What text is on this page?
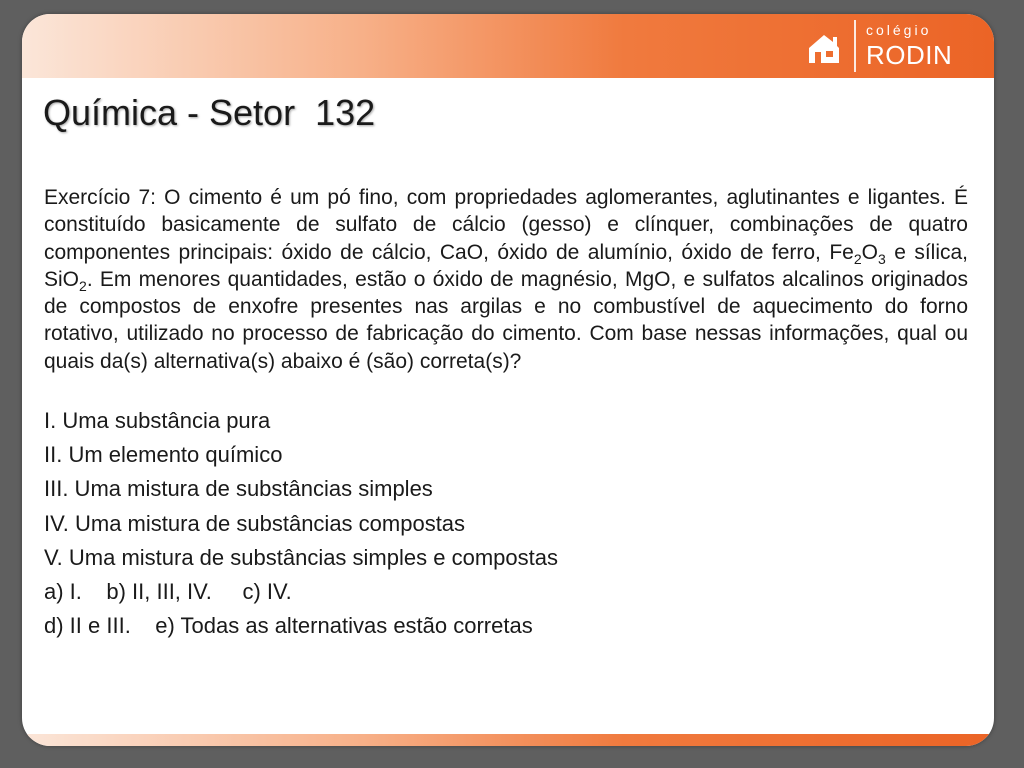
colégio
RODIN
Química - Setor  132

Exercício 7: O cimento é um pó fino, com propriedades aglomerantes, aglutinantes e ligantes. É constituído basicamente de sulfato de cálcio (gesso) e clínquer, combinações de quatro componentes principais: óxido de cálcio, CaO, óxido de alumínio, óxido de ferro, $Fe_2O_3$ e sílica, SiO$_2$. Em menores quantidades, estão o óxido de magnésio, MgO, e sulfatos alcalinos originados de compostos de enxofre presentes nas argilas e no combustível de aquecimento do forno rotativo, utilizado no processo de fabricação do cimento. Com base nessas informações, qual ou quais da(s) alternativa(s) abaixo é (são) correta(s)?

I. Uma substância pura
II. Um elemento químico
III. Uma mistura de substâncias simples
IV. Uma mistura de substâncias compostas
V. Uma mistura de substâncias simples e compostas
a) I.    b) II, III, IV.     c) IV.
d) II e III.    e) Todas as alternativas estão corretas
